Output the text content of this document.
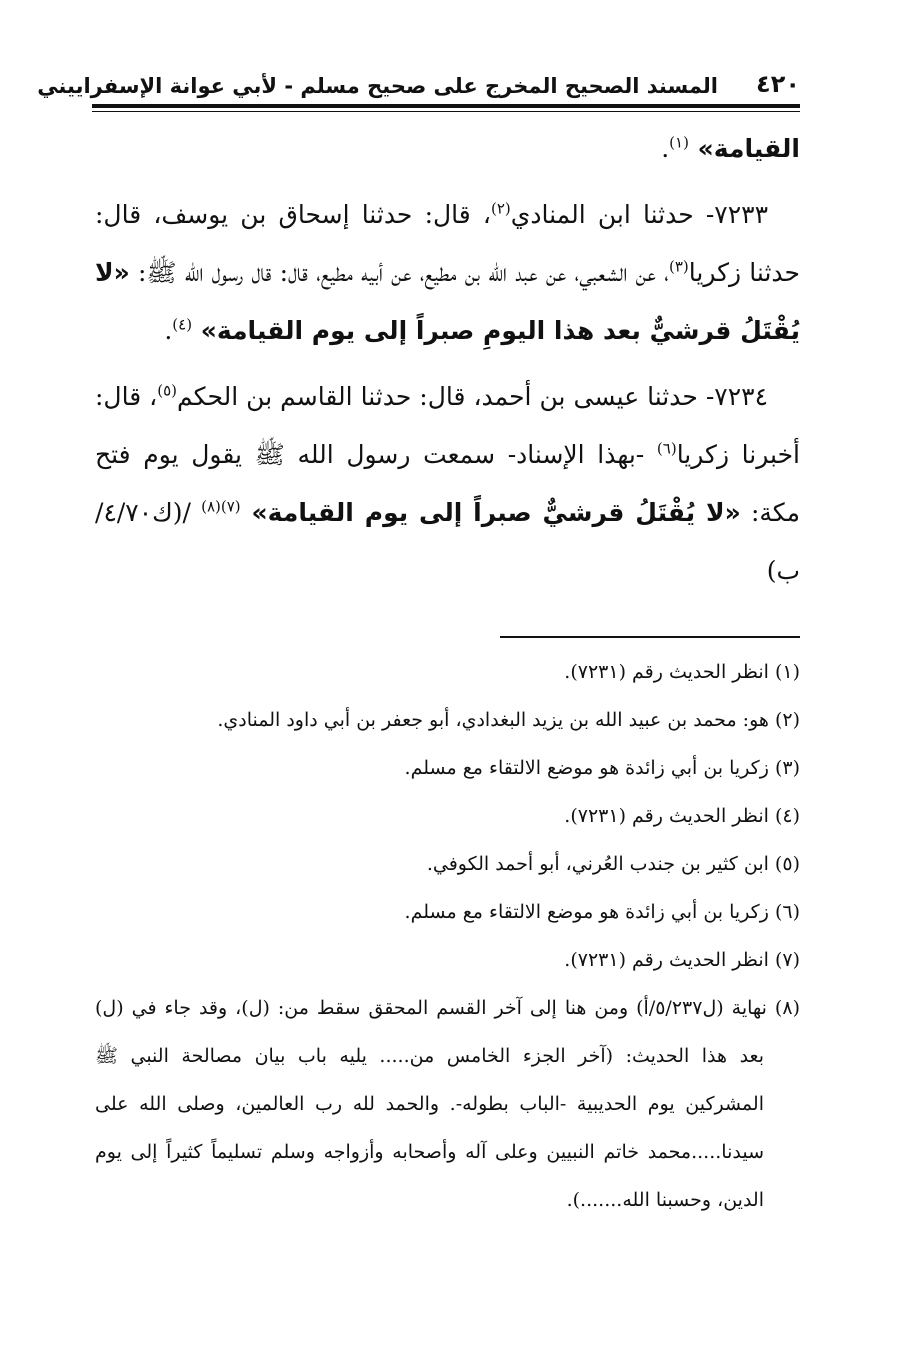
٤٢٠
المسند الصحيح المخرج على صحيح مسلم - لأبي عوانة الإسفراييني

القيامة» $^{(١)}$.

٧٢٣٣- حدثنا ابن المنادي$^{(٢)}$، قال: حدثنا إسحاق بن يوسف، قال: حدثنا زكريا$^{(٣)}$، عن الشعبي، عن عبد الله بن مطيع، عن أبيه مطيع، قال: قال رسول الله ﷺ: «لا يُقْتَلُ قرشيٌّ بعد هذا اليومِ صبراً إلى يوم القيامة» $^{(٤)}$.

٧٢٣٤- حدثنا عيسى بن أحمد، قال: حدثنا القاسم بن الحكم$^{(٥)}$، قال: أخبرنا زكريا$^{(٦)}$ -بهذا الإسناد- سمعت رسول الله ﷺ يقول يوم فتح مكة: «لا يُقْتَلُ قرشيٌّ صبراً إلى يوم القيامة» $^{(٧)(٨)}$ /(ك٤/٧٠/ب)

(١) انظر الحديث رقم (٧٢٣١).

(٢) هو: محمد بن عبيد الله بن يزيد البغدادي، أبو جعفر بن أبي داود المنادي.

(٣) زكريا بن أبي زائدة هو موضع الالتقاء مع مسلم.

(٤) انظر الحديث رقم (٧٢٣١).

(٥) ابن كثير بن جندب العُرني، أبو أحمد الكوفي.

(٦) زكريا بن أبي زائدة هو موضع الالتقاء مع مسلم.

(٧) انظر الحديث رقم (٧٢٣١).

(٨) نهاية (ل٥/٢٣٧/أ) ومن هنا إلى آخر القسم المحقق سقط من: (ل)، وقد جاء في (ل) بعد هذا الحديث: (آخر الجزء الخامس من..... يليه باب بيان مصالحة النبي ﷺ المشركين يوم الحديبية -الباب بطوله-. والحمد لله رب العالمين، وصلى الله على سيدنا.....محمد خاتم النبيين وعلى آله وأصحابه وأزواجه وسلم تسليماً كثيراً إلى يوم الدين، وحسبنا الله.......).
